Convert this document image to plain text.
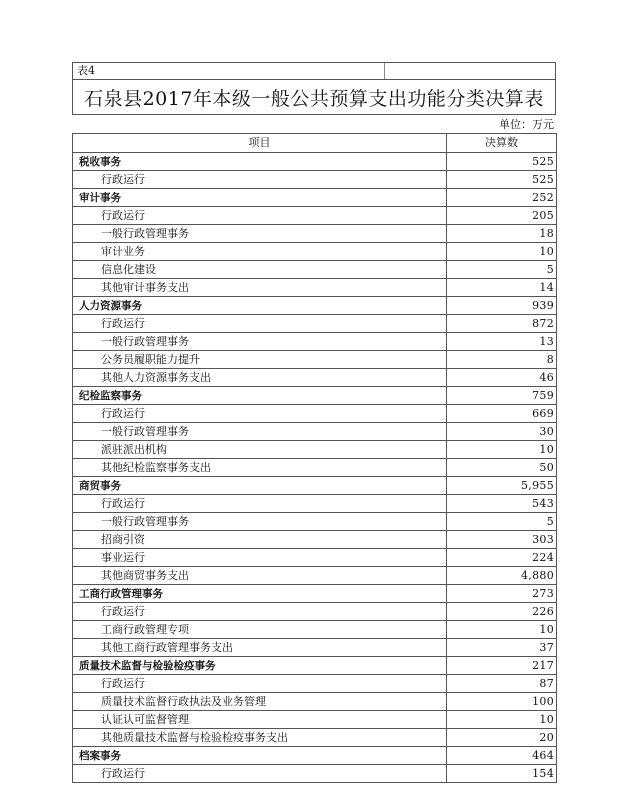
表4
石泉县2017年本级一般公共预算支出功能分类决算表
单位：万元
项目	决算数
税收事务	525
行政运行	525
审计事务	252
行政运行	205
一般行政管理事务	18
审计业务	10
信息化建设	5
其他审计事务支出	14
人力资源事务	939
行政运行	872
一般行政管理事务	13
公务员履职能力提升	8
其他人力资源事务支出	46
纪检监察事务	759
行政运行	669
一般行政管理事务	30
派驻派出机构	10
其他纪检监察事务支出	50
商贸事务	5,955
行政运行	543
一般行政管理事务	5
招商引资	303
事业运行	224
其他商贸事务支出	4,880
工商行政管理事务	273
行政运行	226
工商行政管理专项	10
其他工商行政管理事务支出	37
质量技术监督与检验检疫事务	217
行政运行	87
质量技术监督行政执法及业务管理	100
认证认可监督管理	10
其他质量技术监督与检验检疫事务支出	20
档案事务	464
行政运行	154
